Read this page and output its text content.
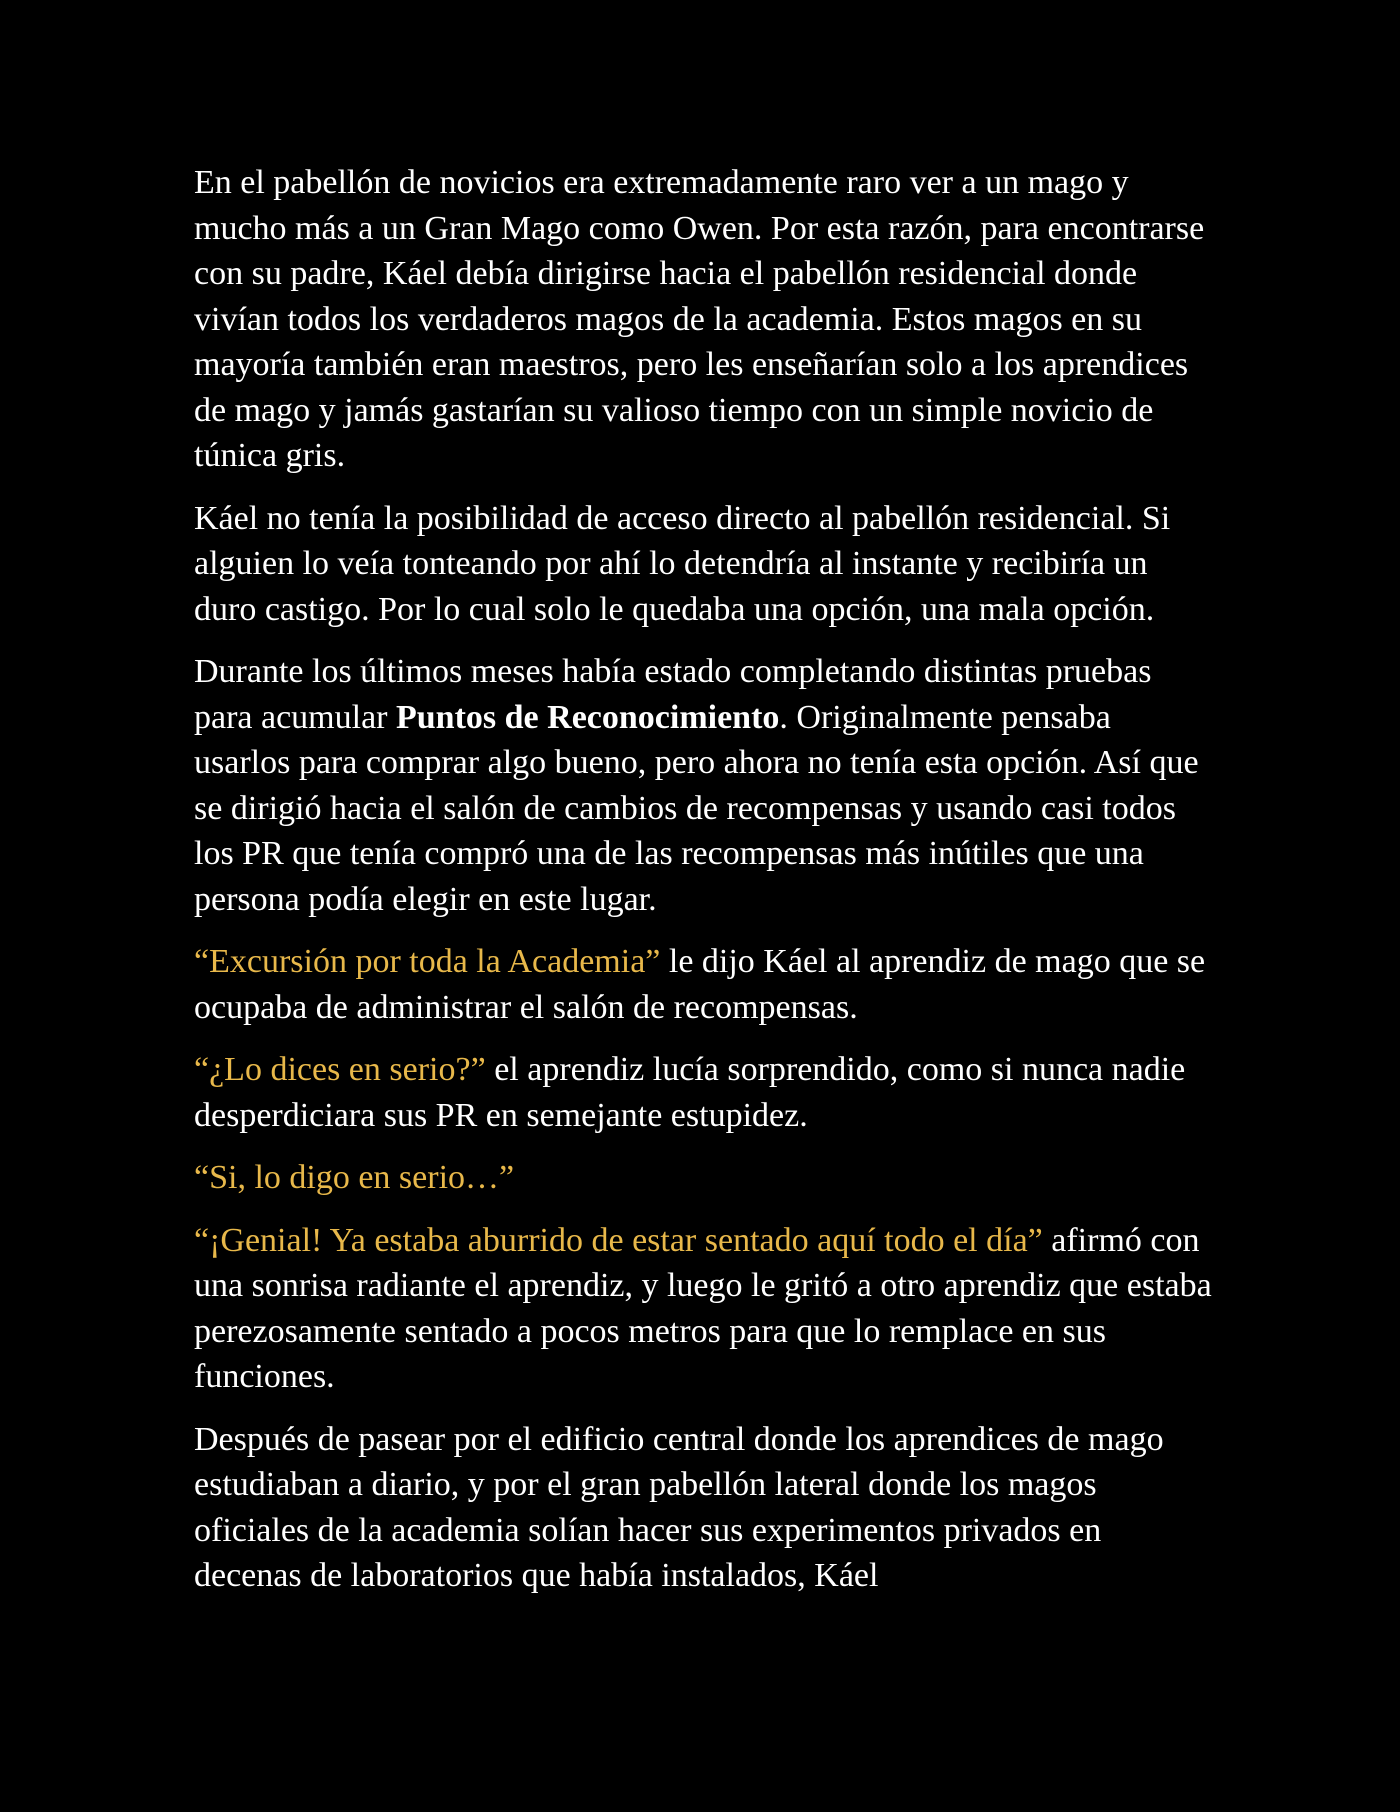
En el pabellón de novicios era extremadamente raro ver a un mago y mucho más a un Gran Mago como Owen. Por esta razón, para encontrarse con su padre, Káel debía dirigirse hacia el pabellón residencial donde vivían todos los verdaderos magos de la academia. Estos magos en su mayoría también eran maestros, pero les enseñarían solo a los aprendices de mago y jamás gastarían su valioso tiempo con un simple novicio de túnica gris.

Káel no tenía la posibilidad de acceso directo al pabellón residencial. Si alguien lo veía tonteando por ahí lo detendría al instante y recibiría un duro castigo. Por lo cual solo le quedaba una opción, una mala opción.

Durante los últimos meses había estado completando distintas pruebas para acumular Puntos de Reconocimiento. Originalmente pensaba usarlos para comprar algo bueno, pero ahora no tenía esta opción. Así que se dirigió hacia el salón de cambios de recompensas y usando casi todos los PR que tenía compró una de las recompensas más inútiles que una persona podía elegir en este lugar.

“Excursión por toda la Academia” le dijo Káel al aprendiz de mago que se ocupaba de administrar el salón de recompensas.

“¿Lo dices en serio?” el aprendiz lucía sorprendido, como si nunca nadie desperdiciara sus PR en semejante estupidez.

“Si, lo digo en serio…”

“¡Genial! Ya estaba aburrido de estar sentado aquí todo el día” afirmó con una sonrisa radiante el aprendiz, y luego le gritó a otro aprendiz que estaba perezosamente sentado a pocos metros para que lo remplace en sus funciones.

Después de pasear por el edificio central donde los aprendices de mago estudiaban a diario, y por el gran pabellón lateral donde los magos oficiales de la academia solían hacer sus experimentos privados en decenas de laboratorios que había instalados, Káel
